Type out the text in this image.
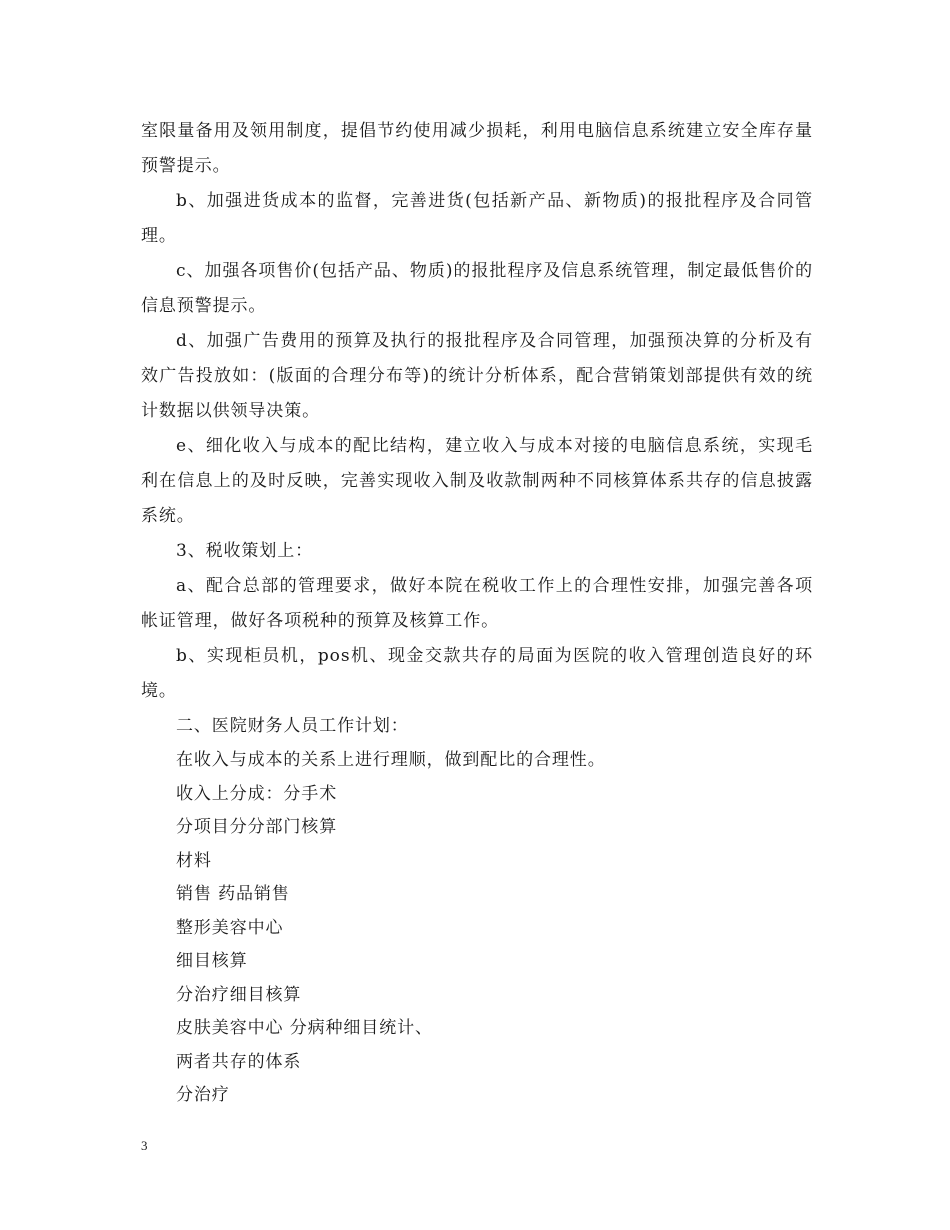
室限量备用及领用制度，提倡节约使用减少损耗，利用电脑信息系统建立安全库存量预警提示。

b、加强进货成本的监督，完善进货(包括新产品、新物质)的报批程序及合同管理。

c、加强各项售价(包括产品、物质)的报批程序及信息系统管理，制定最低售价的信息预警提示。

d、加强广告费用的预算及执行的报批程序及合同管理，加强预决算的分析及有效广告投放如：(版面的合理分布等)的统计分析体系，配合营销策划部提供有效的统计数据以供领导决策。

e、细化收入与成本的配比结构，建立收入与成本对接的电脑信息系统，实现毛利在信息上的及时反映，完善实现收入制及收款制两种不同核算体系共存的信息披露系统。

3、税收策划上：

a、配合总部的管理要求，做好本院在税收工作上的合理性安排，加强完善各项帐证管理，做好各项税种的预算及核算工作。

b、实现柜员机，pos机、现金交款共存的局面为医院的收入管理创造良好的环境。

二、医院财务人员工作计划：

在收入与成本的关系上进行理顺，做到配比的合理性。

收入上分成：分手术

分项目分分部门核算

材料

销售 药品销售

整形美容中心

细目核算

分治疗细目核算

皮肤美容中心 分病种细目统计、

两者共存的体系

分治疗

3
